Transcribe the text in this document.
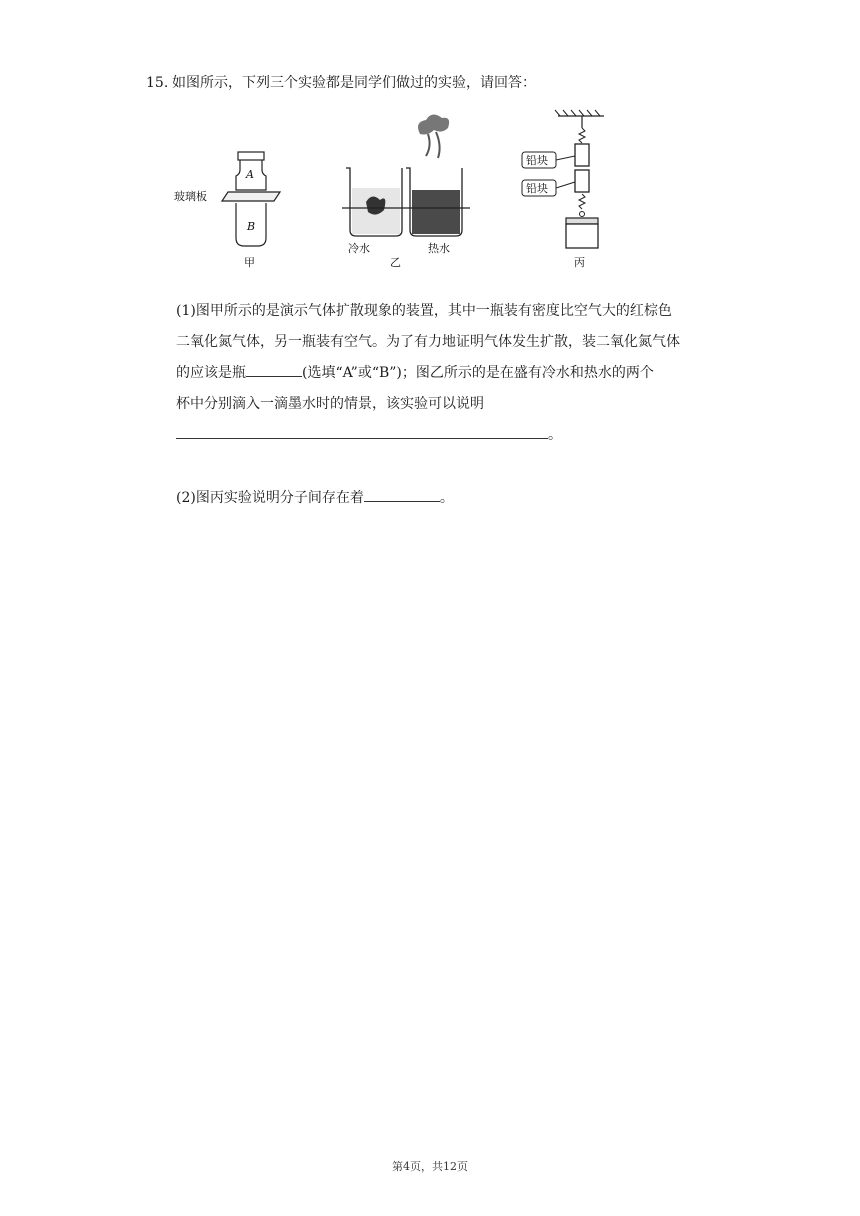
15. 如图所示，下列三个实验都是同学们做过的实验，请回答：
A
B
玻璃板
甲
冷水	热水
乙
铅块
铅块
丙
(1)图甲所示的是演示气体扩散现象的装置，其中一瓶装有密度比空气大的红棕色
二氧化氮气体，另一瓶装有空气。为了有力地证明气体发生扩散，装二氧化氮气体
的应该是瓶	(选填“A”或“B”)；图乙所示的是在盛有冷水和热水的两个
杯中分别滴入一滴墨水时的情景，该实验可以说明
。
(2)图丙实验说明分子间存在着	。
第4页，共12页
